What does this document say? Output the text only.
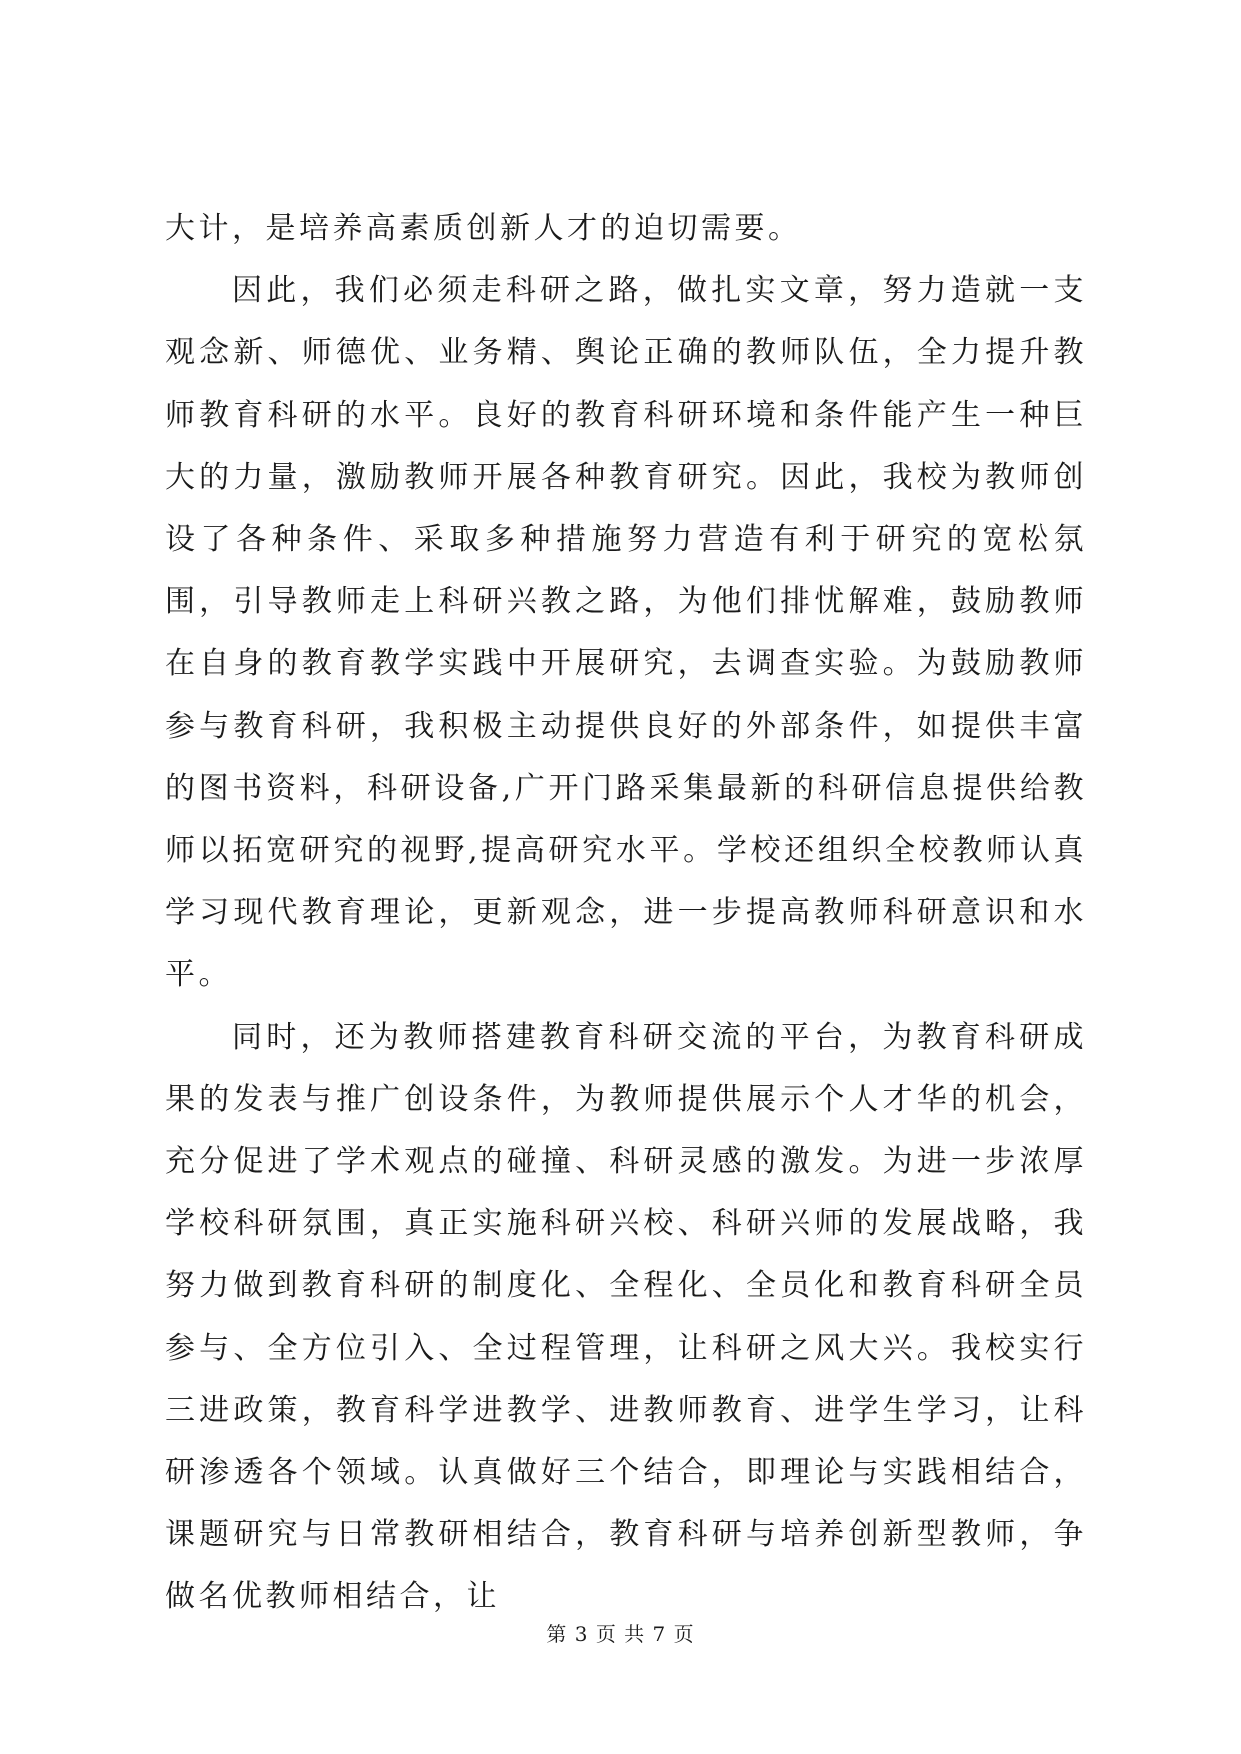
大计，是培养高素质创新人才的迫切需要。

因此，我们必须走科研之路，做扎实文章，努力造就一支观念新、师德优、业务精、舆论正确的教师队伍，全力提升教师教育科研的水平。良好的教育科研环境和条件能产生一种巨大的力量，激励教师开展各种教育研究。因此，我校为教师创设了各种条件、采取多种措施努力营造有利于研究的宽松氛围，引导教师走上科研兴教之路，为他们排忧解难，鼓励教师在自身的教育教学实践中开展研究，去调查实验。为鼓励教师参与教育科研，我积极主动提供良好的外部条件，如提供丰富的图书资料，科研设备,广开门路采集最新的科研信息提供给教师以拓宽研究的视野,提高研究水平。学校还组织全校教师认真学习现代教育理论，更新观念，进一步提高教师科研意识和水平。

同时，还为教师搭建教育科研交流的平台，为教育科研成果的发表与推广创设条件，为教师提供展示个人才华的机会，充分促进了学术观点的碰撞、科研灵感的激发。为进一步浓厚学校科研氛围，真正实施科研兴校、科研兴师的发展战略，我努力做到教育科研的制度化、全程化、全员化和教育科研全员参与、全方位引入、全过程管理，让科研之风大兴。我校实行三进政策，教育科学进教学、进教师教育、进学生学习，让科研渗透各个领域。认真做好三个结合，即理论与实践相结合，课题研究与日常教研相结合，教育科研与培养创新型教师，争做名优教师相结合，让

第 3 页 共 7 页
